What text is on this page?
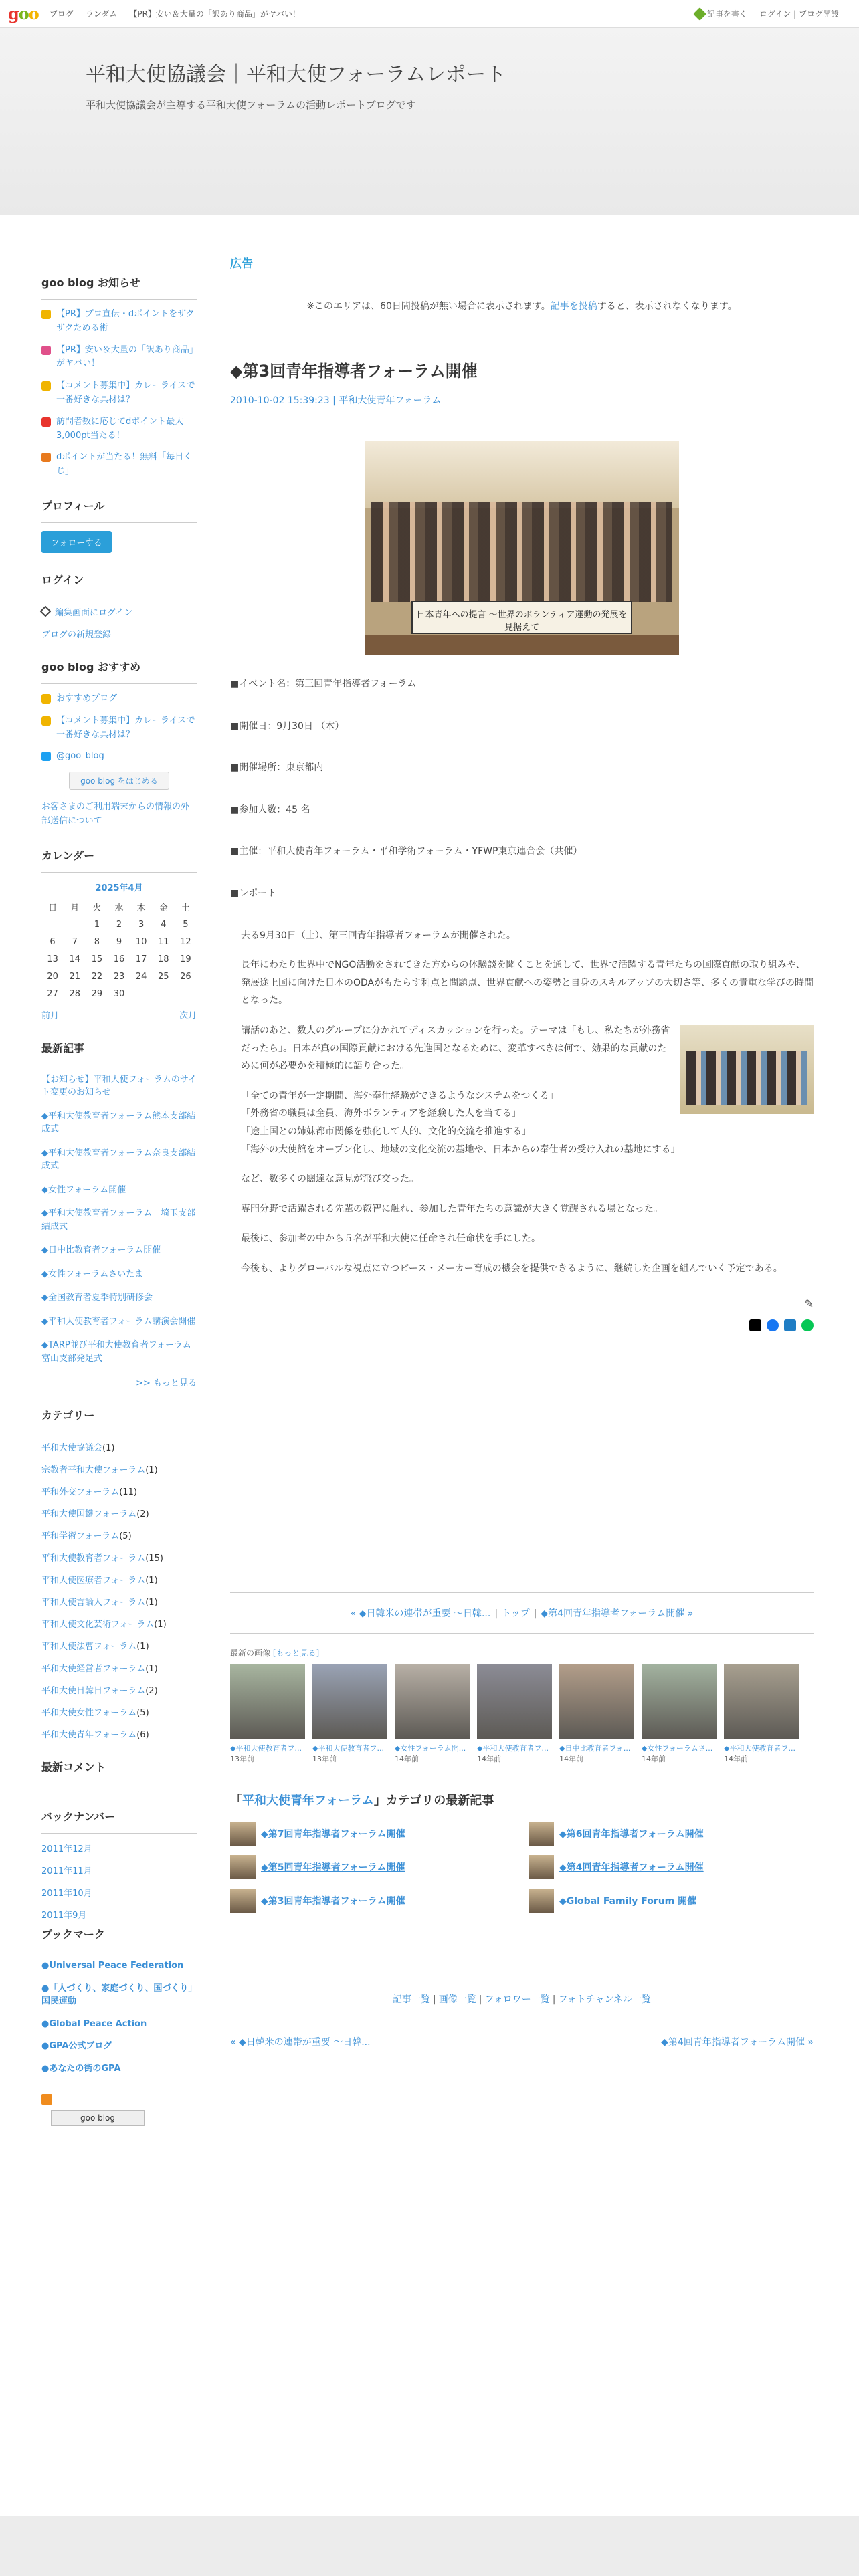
goo ブログ ランダム 【PR】安い＆大量の「訳あり商品」がヤバい！	記事を書く ログイン | ブログ開設
平和大使協議会｜平和大使フォーラムレポート
平和大使協議会が主導する平和大使フォーラムの活動レポートブログです
goo blog お知らせ
【PR】プロ直伝・dポイントをザクザクためる術
【PR】安い＆大量の「訳あり商品」がヤバい！
【コメント募集中】カレーライスで一番好きな具材は？
訪問者数に応じてdポイント最大3,000pt当たる！
dポイントが当たる！無料「毎日くじ」
プロフィール
フォローする
ログイン
編集画面にログイン
ブログの新規登録
goo blog おすすめ
おすすめブログ
【コメント募集中】カレーライスで一番好きな具材は？
@goo_blog
goo blog をはじめる
お客さまのご利用端末からの情報の外部送信について
カレンダー
2025年4月
日	月	火	水	木	金	土
		1	2	3	4	5
6	7	8	9	10	11	12
13	14	15	16	17	18	19
20	21	22	23	24	25	26
27	28	29	30			
前月	次月
最新記事
【お知らせ】平和大使フォーラムのサイト変更のお知らせ
◆平和大使教育者フォーラム熊本支部結成式
◆平和大使教育者フォーラム奈良支部結成式
◆女性フォーラム開催
◆平和大使教育者フォーラム　埼玉支部結成式
◆日中比教育者フォーラム開催
◆女性フォーラムさいたま
◆全国教育者夏季特別研修会
◆平和大使教育者フォーラム講演会開催
◆TARP並び平和大使教育者フォーラム富山支部発足式
>> もっと見る
カテゴリー
平和大使協議会(1)
宗教者平和大使フォーラム(1)
平和外交フォーラム(11)
平和大使国鍵フォーラム(2)
平和学術フォーラム(5)
平和大使教育者フォーラム(15)
平和大使医療者フォーラム(1)
平和大使言論人フォーラム(1)
平和大使文化芸術フォーラム(1)
平和大使法曹フォーラム(1)
平和大使経営者フォーラム(1)
平和大使日韓日フォーラム(2)
平和大使女性フォーラム(5)
平和大使青年フォーラム(6)
最新コメント
バックナンバー
2011年12月
2011年11月
2011年10月
2011年9月
ブックマーク
●Universal Peace Federation
●「人づくり、家庭づくり、国づくり」国民運動
●Global Peace Action
●GPA公式ブログ
●あなたの街のGPA
goo blog
広告
※このエリアは、60日間投稿が無い場合に表示されます。記事を投稿すると、表示されなくなります。
◆第3回青年指導者フォーラム開催
2010-10-02 15:39:23 | 平和大使青年フォーラム
日本青年への提言 ～世界のボランティア運動の発展を見据えて

■イベント名：第三回青年指導者フォーラム

■開催日：9月30日 （木）

■開催場所：東京都内

■参加人数：45 名

■主催：平和大使青年フォーラム・平和学術フォーラム・YFWP東京連合会（共催）

■レポート

去る9月30日（土）、第三回青年指導者フォーラムが開催された。

長年にわたり世界中でNGO活動をされてきた方からの体験談を聞くことを通して、世界で活躍する青年たちの国際貢献の取り組みや、発展途上国に向けた日本のODAがもたらす利点と問題点、世界貢献への姿勢と自身のスキルアップの大切さ等、多くの貴重な学びの時間となった。

講話のあと、数人のグループに分かれてディスカッションを行った。テーマは「もし、私たちが外務省だったら」。日本が真の国際貢献における先進国となるために、変革すべきは何で、効果的な貢献のために何が必要かを積極的に語り合った。

「全ての青年が一定期間、海外奉仕経験ができるようなシステムをつくる」

「外務省の職員は全員、海外ボランティアを経験した人を当てる」

「途上国との姉妹都市関係を強化して人的、文化的交流を推進する」

「海外の大使館をオープン化し、地域の文化交流の基地や、日本からの奉仕者の受け入れの基地にする」

など、数多くの闊達な意見が飛び交った。

専門分野で活躍される先輩の叡智に触れ、参加した青年たちの意識が大きく覚醒される場となった。

最後に、参加者の中から５名が平和大使に任命され任命状を手にした。

今後も、よりグローバルな視点に立つピース・メーカー育成の機会を提供できるように、継続した企画を組んでいく予定である。

✎
« ◆日韓米の連帯が重要 ～日韓... | トップ | ◆第4回青年指導者フォーラム開催 »
最新の画像 [もっと見る]
◆平和大使教育者フ...
13年前
◆平和大使教育者フ...
13年前
◆女性フォーラム開...
14年前
◆平和大使教育者フ...
14年前
◆日中比教育者フォ...
14年前
◆女性フォーラムさ...
14年前
◆平和大使教育者フ...
14年前
「平和大使青年フォーラム」カテゴリの最新記事
◆第7回青年指導者フォーラム開催	◆第6回青年指導者フォーラム開催
◆第5回青年指導者フォーラム開催	◆第4回青年指導者フォーラム開催
◆第3回青年指導者フォーラム開催	◆Global Family Forum 開催
記事一覧 | 画像一覧 | フォロワー一覧 | フォトチャンネル一覧
« ◆日韓米の連帯が重要 ～日韓...	◆第4回青年指導者フォーラム開催 »
